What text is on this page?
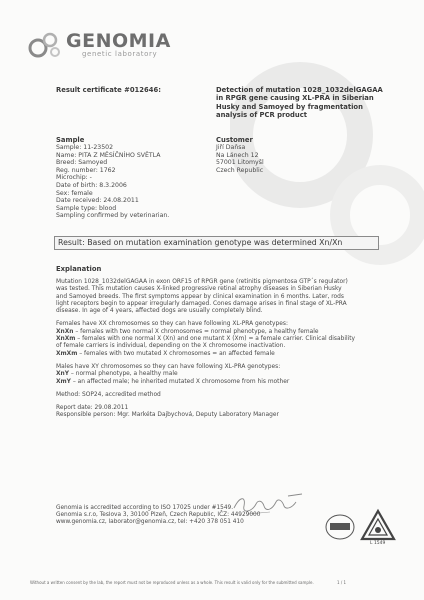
GENOMIA
genetic laboratory
Result certificate #012646:	Detection of mutation 1028_1032delGAGAA in RPGR gene causing XL-PRA in Siberian Husky and Samoyed by fragmentation analysis of PCR product
Sample
Sample: 11-23502
Name: PITA Z MĚSÍČNÍHO SVĚTLA
Breed: Samoyed
Reg. number: 1762
Microchip: -
Date of birth: 8.3.2006
Sex: female
Date received: 24.08.2011
Sample type: blood
Sampling confirmed by veterinarian.
Customer
Jiří Daňsa
Na Lánech 12
57001 Litomyšl
Czech Republic
Result: Based on mutation examination genotype was determined Xn/Xn
Explanation
Mutation 1028_1032delGAGAA in exon ORF15 of RPGR gene (retinitis pigmentosa GTP´s regulator)
was tested. This mutation causes X-linked progressive retinal atrophy diseases in Siberian Husky
and Samoyed breeds. The first symptoms appear by clinical examination in 6 months. Later, rods
light receptors begin to appear irregularly damaged. Cones damage arises in final stage of XL-PRA
disease. In age of 4 years, affected dogs are usually completely blind.
Females have XX chromosomes so they can have following XL-PRA genotypes:
XnXn – females with two normal X chromosomes = normal phenotype, a healthy female
XnXm – females with one normal X (Xn) and one mutant X (Xm) = a female carrier. Clinical disability
of female carriers is individual, depending on the X chromosome inactivation.
XmXm – females with two mutated X chromosomes = an affected female
Males have XY chromosomes so they can have following XL-PRA genotypes:
XnY – normal phenotype, a healthy male
XmY – an affected male; he inherited mutated X chromosome from his mother
Method: SOP24, accredited method
Report date: 29.08.2011
Responsible person: Mgr. Markéta Dajbychová, Deputy Laboratory Manager
Genomia is accredited according to ISO 17025 under #1549.
Genomia s.r.o, Teslova 3, 30100 Plzeň, Czech Republic, IČZ: 44929000
www.genomia.cz, laborator@genomia.cz, tel: +420 378 051 410
L 1549
Without a written consent by the lab, the report must not be reproduced unless as a whole. This result is valid only for the submitted sample.	1 / 1
